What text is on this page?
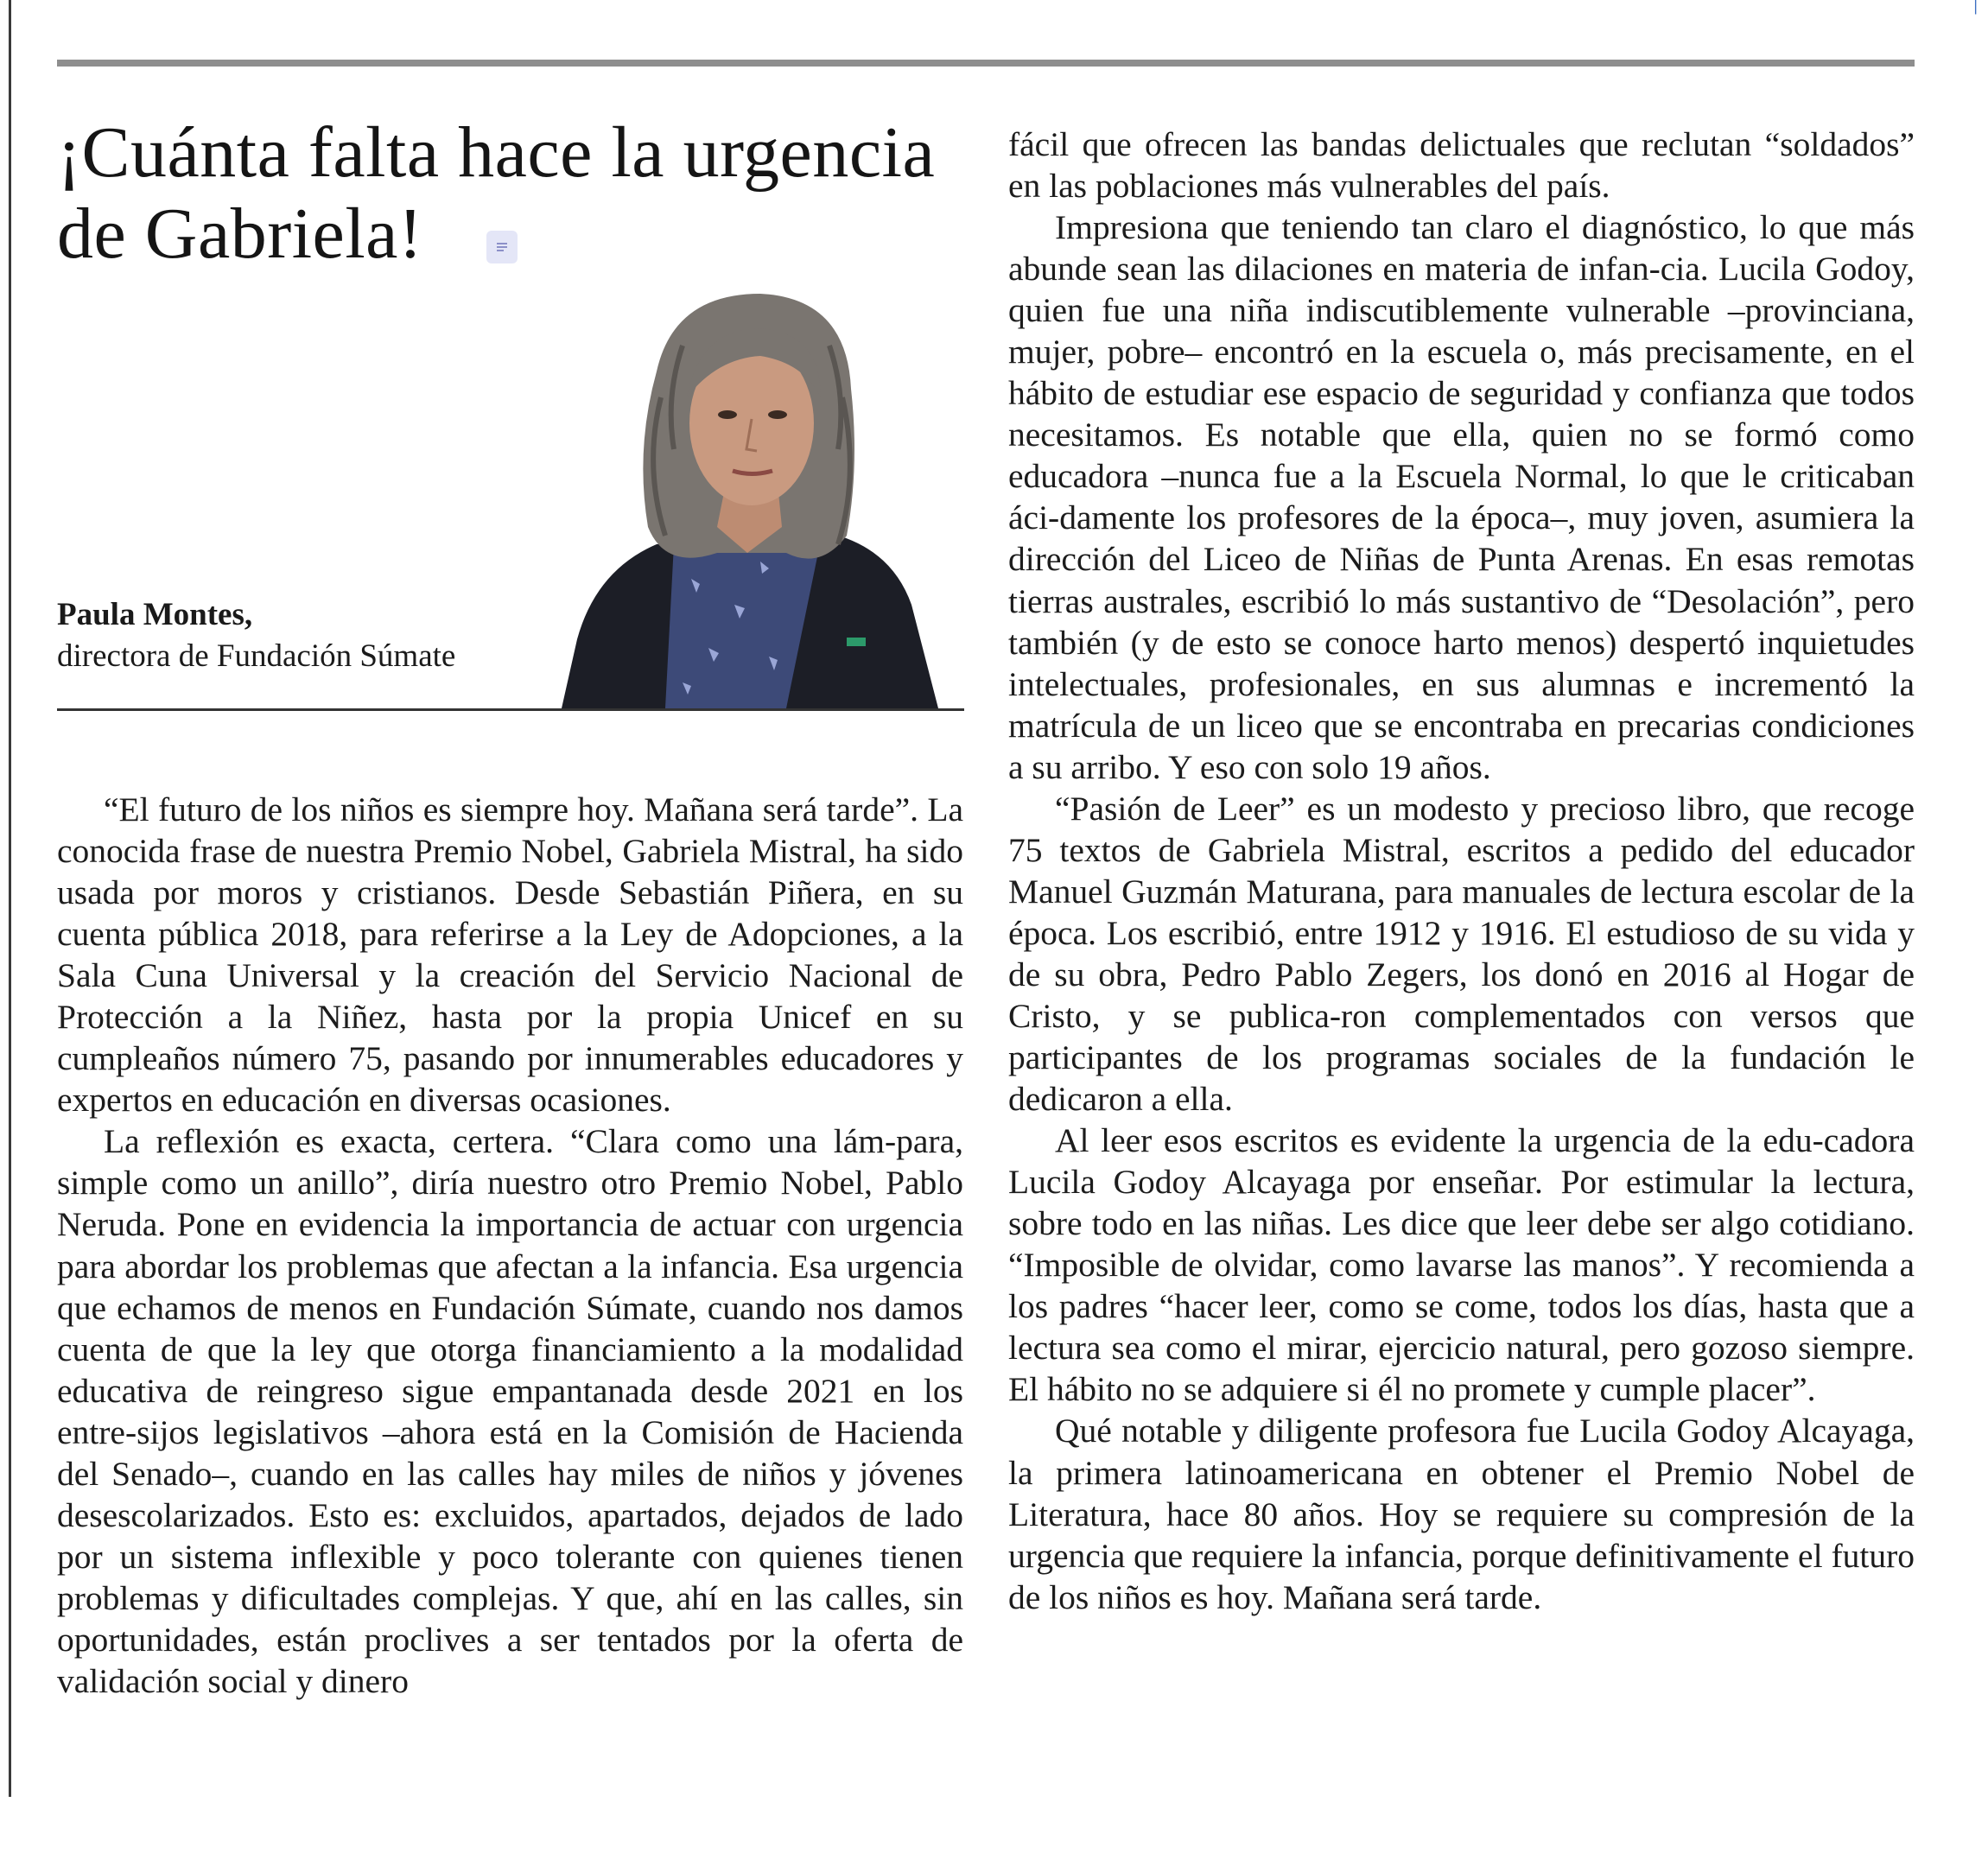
▏
¡Cuánta falta hace la urgencia de Gabriela!
Paula Montes,
directora de Fundación Súmate

“El futuro de los niños es siempre hoy. Mañana será tarde”. La conocida frase de nuestra Premio Nobel, Gabriela Mistral, ha sido usada por moros y cristianos. Desde Sebastián Piñera, en su cuenta pública 2018, para referirse a la Ley de Adopciones, a la Sala Cuna Universal y la creación del Servicio Nacional de Protección a la Niñez, hasta por la propia Unicef en su cumpleaños número 75, pasando por innumerables educadores y expertos en educación en diversas ocasiones.

La reflexión es exacta, certera. “Clara como una lám-para, simple como un anillo”, diría nuestro otro Premio Nobel, Pablo Neruda. Pone en evidencia la importancia de actuar con urgencia para abordar los problemas que afectan a la infancia. Esa urgencia que echamos de menos en Fundación Súmate, cuando nos damos cuenta de que la ley que otorga financiamiento a la modalidad educativa de reingreso sigue empantanada desde 2021 en los entre-sijos legislativos –ahora está en la Comisión de Hacienda del Senado–, cuando en las calles hay miles de niños y jóvenes desescolarizados. Esto es: excluidos, apartados, dejados de lado por un sistema inflexible y poco tolerante con quienes tienen problemas y dificultades complejas. Y que, ahí en las calles, sin oportunidades, están proclives a ser tentados por la oferta de validación social y dinero

fácil que ofrecen las bandas delictuales que reclutan “soldados” en las poblaciones más vulnerables del país.

Impresiona que teniendo tan claro el diagnóstico, lo que más abunde sean las dilaciones en materia de infan-cia. Lucila Godoy, quien fue una niña indiscutiblemente vulnerable –provinciana, mujer, pobre– encontró en la escuela o, más precisamente, en el hábito de estudiar ese espacio de seguridad y confianza que todos necesitamos. Es notable que ella, quien no se formó como educadora –nunca fue a la Escuela Normal, lo que le criticaban áci-damente los profesores de la época–, muy joven, asumiera la dirección del Liceo de Niñas de Punta Arenas. En esas remotas tierras australes, escribió lo más sustantivo de “Desolación”, pero también (y de esto se conoce harto menos) despertó inquietudes intelectuales, profesionales, en sus alumnas e incrementó la matrícula de un liceo que se encontraba en precarias condiciones a su arribo. Y eso con solo 19 años.

“Pasión de Leer” es un modesto y precioso libro, que recoge 75 textos de Gabriela Mistral, escritos a pedido del educador Manuel Guzmán Maturana, para manuales de lectura escolar de la época. Los escribió, entre 1912 y 1916. El estudioso de su vida y de su obra, Pedro Pablo Zegers, los donó en 2016 al Hogar de Cristo, y se publica-ron complementados con versos que participantes de los programas sociales de la fundación le dedicaron a ella.

Al leer esos escritos es evidente la urgencia de la edu-cadora Lucila Godoy Alcayaga por enseñar. Por estimular la lectura, sobre todo en las niñas. Les dice que leer debe ser algo cotidiano. “Imposible de olvidar, como lavarse las manos”. Y recomienda a los padres “hacer leer, como se come, todos los días, hasta que a lectura sea como el mirar, ejercicio natural, pero gozoso siempre. El hábito no se adquiere si él no promete y cumple placer”.

Qué notable y diligente profesora fue Lucila Godoy Alcayaga, la primera latinoamericana en obtener el Premio Nobel de Literatura, hace 80 años. Hoy se requiere su compresión de la urgencia que requiere la infancia, porque definitivamente el futuro de los niños es hoy. Mañana será tarde.
